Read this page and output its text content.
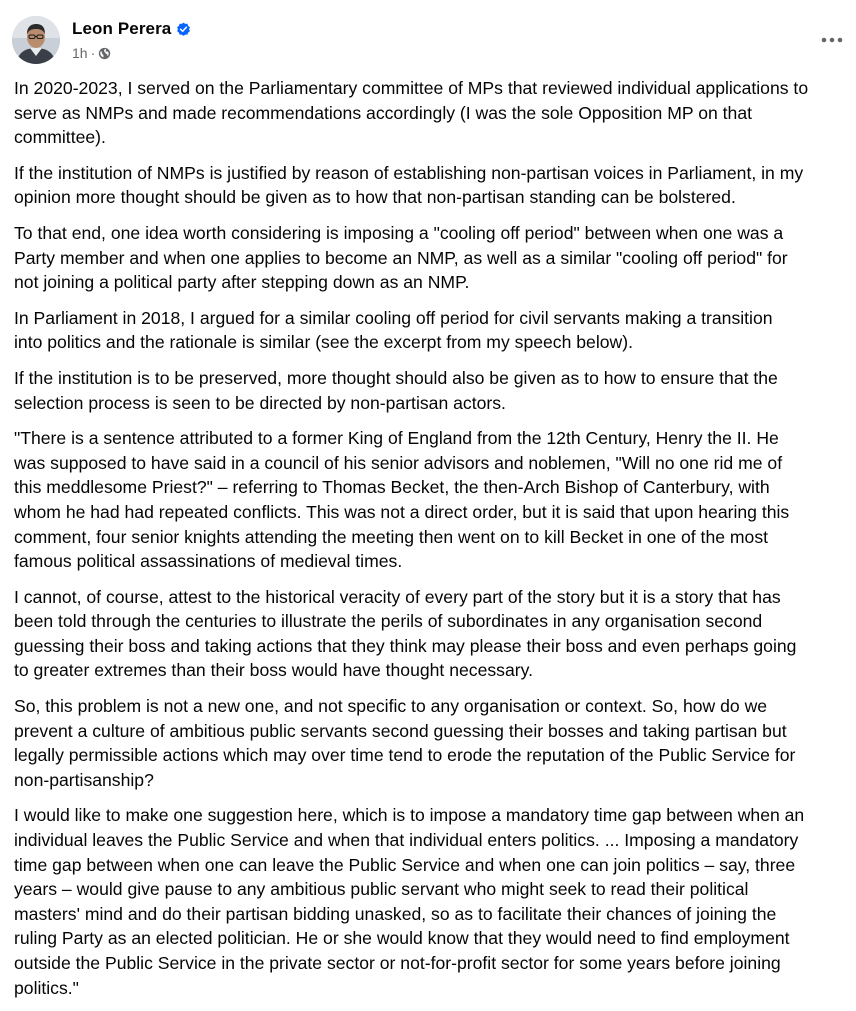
Leon Perera
1h ·

In 2020-2023, I served on the Parliamentary committee of MPs that reviewed individual applications to
serve as NMPs and made recommendations accordingly (I was the sole Opposition MP on that
committee).

If the institution of NMPs is justified by reason of establishing non-partisan voices in Parliament, in my
opinion more thought should be given as to how that non-partisan standing can be bolstered.

To that end, one idea worth considering is imposing a "cooling off period" between when one was a
Party member and when one applies to become an NMP, as well as a similar "cooling off period" for
not joining a political party after stepping down as an NMP.

In Parliament in 2018, I argued for a similar cooling off period for civil servants making a transition
into politics and the rationale is similar (see the excerpt from my speech below).

If the institution is to be preserved, more thought should also be given as to how to ensure that the
selection process is seen to be directed by non-partisan actors.

"There is a sentence attributed to a former King of England from the 12th Century, Henry the II. He
was supposed to have said in a council of his senior advisors and noblemen, "Will no one rid me of
this meddlesome Priest?" – referring to Thomas Becket, the then-Arch Bishop of Canterbury, with
whom he had had repeated conflicts. This was not a direct order, but it is said that upon hearing this
comment, four senior knights attending the meeting then went on to kill Becket in one of the most
famous political assassinations of medieval times.

I cannot, of course, attest to the historical veracity of every part of the story but it is a story that has
been told through the centuries to illustrate the perils of subordinates in any organisation second
guessing their boss and taking actions that they think may please their boss and even perhaps going
to greater extremes than their boss would have thought necessary.

So, this problem is not a new one, and not specific to any organisation or context. So, how do we
prevent a culture of ambitious public servants second guessing their bosses and taking partisan but
legally permissible actions which may over time tend to erode the reputation of the Public Service for
non-partisanship?

I would like to make one suggestion here, which is to impose a mandatory time gap between when an
individual leaves the Public Service and when that individual enters politics. ... Imposing a mandatory
time gap between when one can leave the Public Service and when one can join politics – say, three
years – would give pause to any ambitious public servant who might seek to read their political
masters' mind and do their partisan bidding unasked, so as to facilitate their chances of joining the
ruling Party as an elected politician. He or she would know that they would need to find employment
outside the Public Service in the private sector or not-for-profit sector for some years before joining
politics."
